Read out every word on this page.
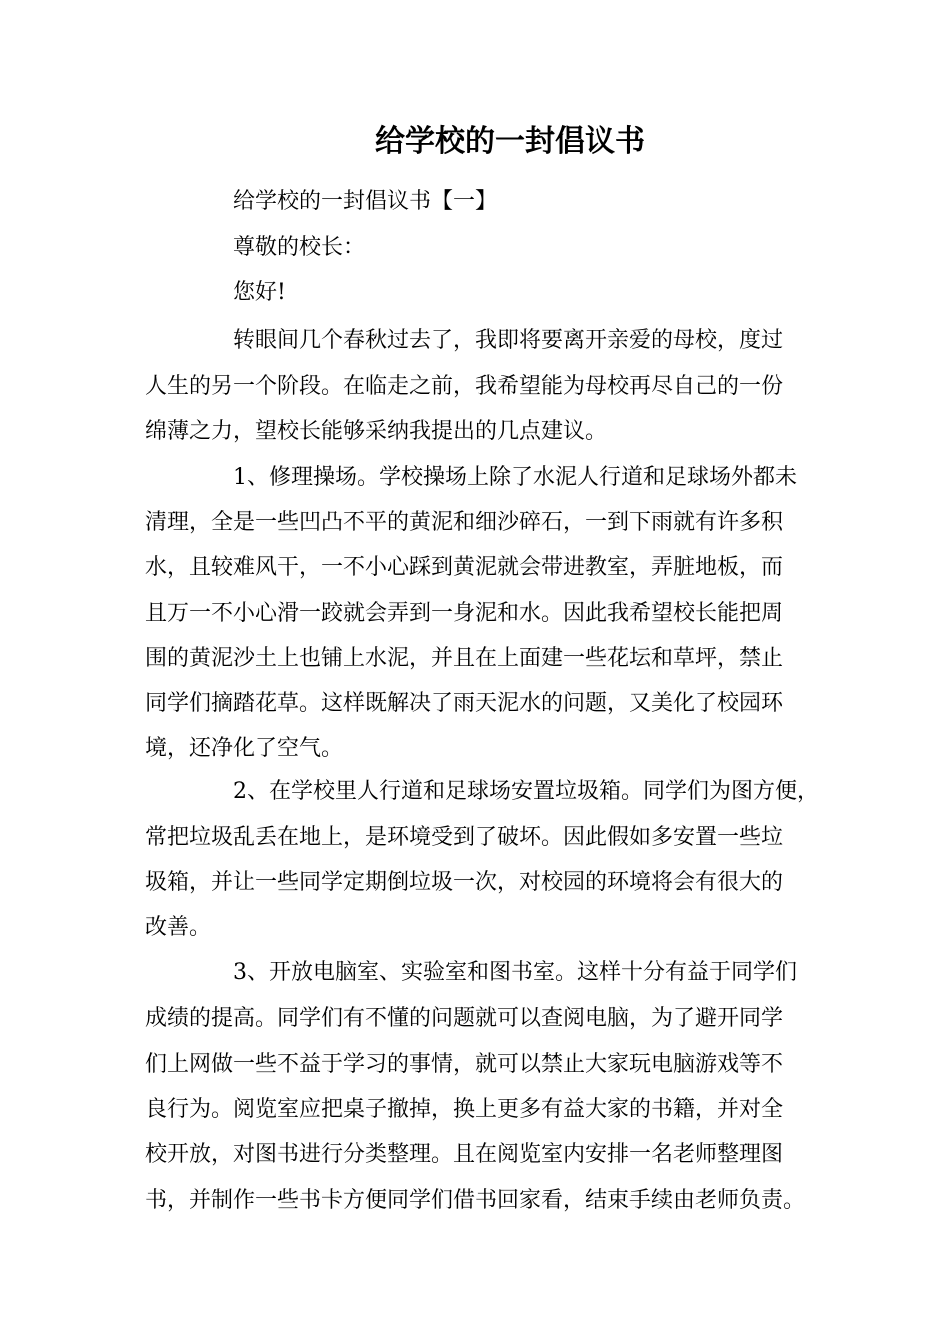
给学校的一封倡议书

给学校的一封倡议书【一】

尊敬的校长：

您好!

转眼间几个春秋过去了，我即将要离开亲爱的母校，度过

人生的另一个阶段。在临走之前，我希望能为母校再尽自己的一份

绵薄之力，望校长能够采纳我提出的几点建议。

1、修理操场。学校操场上除了水泥人行道和足球场外都未

清理，全是一些凹凸不平的黄泥和细沙碎石，一到下雨就有许多积

水，且较难风干，一不小心踩到黄泥就会带进教室，弄脏地板，而

且万一不小心滑一跤就会弄到一身泥和水。因此我希望校长能把周

围的黄泥沙土上也铺上水泥，并且在上面建一些花坛和草坪，禁止

同学们摘踏花草。这样既解决了雨天泥水的问题，又美化了校园环

境，还净化了空气。

2、在学校里人行道和足球场安置垃圾箱。同学们为图方便，

常把垃圾乱丢在地上，是环境受到了破坏。因此假如多安置一些垃

圾箱，并让一些同学定期倒垃圾一次，对校园的环境将会有很大的

改善。

3、开放电脑室、实验室和图书室。这样十分有益于同学们

成绩的提高。同学们有不懂的问题就可以查阅电脑，为了避开同学

们上网做一些不益于学习的事情，就可以禁止大家玩电脑游戏等不

良行为。阅览室应把桌子撤掉，换上更多有益大家的书籍，并对全

校开放，对图书进行分类整理。且在阅览室内安排一名老师整理图

书，并制作一些书卡方便同学们借书回家看，结束手续由老师负责。
